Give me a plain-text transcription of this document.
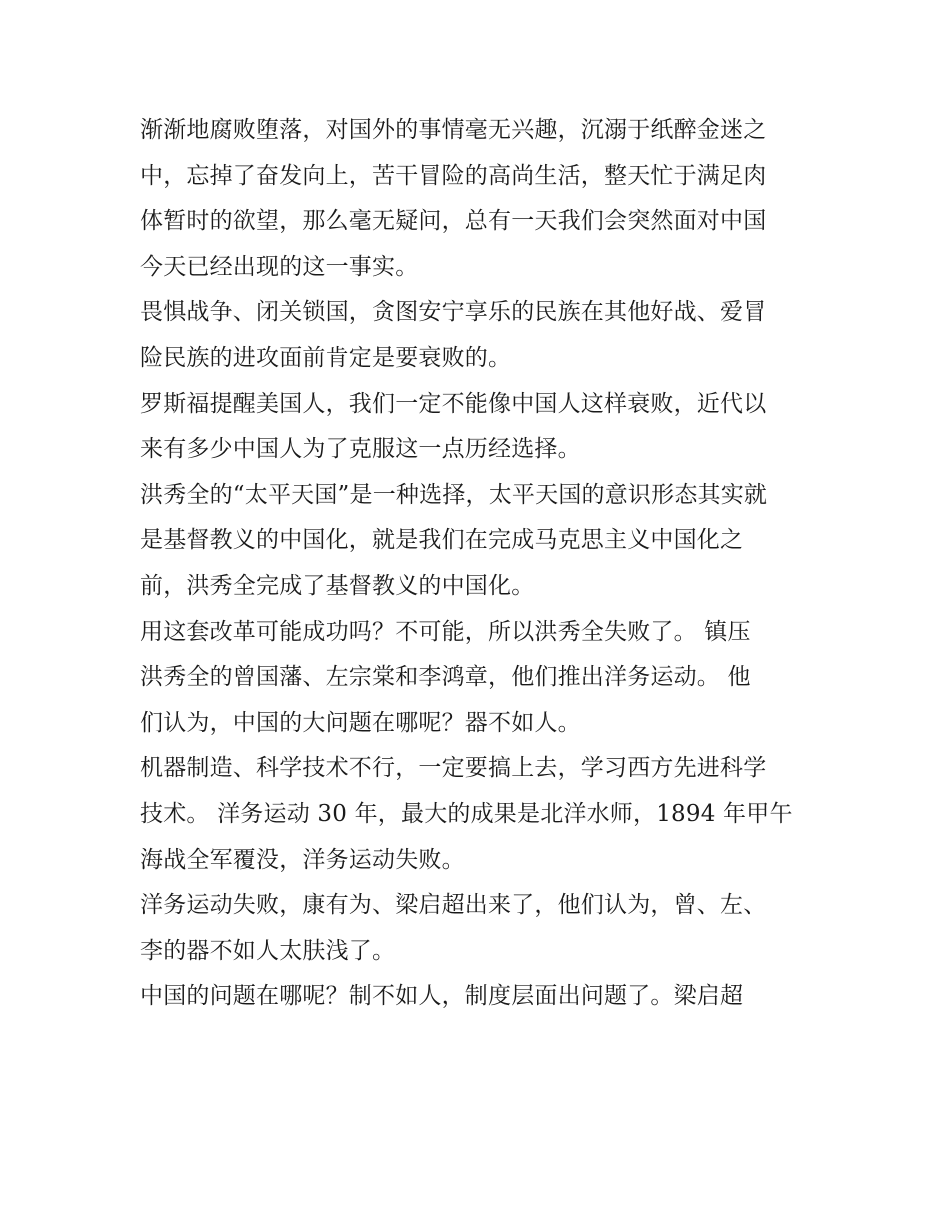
渐渐地腐败堕落，对国外的事情毫无兴趣，沉溺于纸醉金迷之
中，忘掉了奋发向上，苦干冒险的高尚生活，整天忙于满足肉
体暂时的欲望，那么毫无疑问，总有一天我们会突然面对中国
今天已经出现的这一事实。
畏惧战争、闭关锁国，贪图安宁享乐的民族在其他好战、爱冒
险民族的进攻面前肯定是要衰败的。
罗斯福提醒美国人，我们一定不能像中国人这样衰败，近代以
来有多少中国人为了克服这一点历经选择。
洪秀全的“太平天国”是一种选择，太平天国的意识形态其实就
是基督教义的中国化，就是我们在完成马克思主义中国化之
前，洪秀全完成了基督教义的中国化。
用这套改革可能成功吗？不可能，所以洪秀全失败了。 镇压
洪秀全的曾国藩、左宗棠和李鸿章，他们推出洋务运动。 他
们认为，中国的大问题在哪呢？器不如人。
机器制造、科学技术不行，一定要搞上去，学习西方先进科学
技术。 洋务运动 30 年，最大的成果是北洋水师，1894 年甲午
海战全军覆没，洋务运动失败。
洋务运动失败，康有为、梁启超出来了，他们认为，曾、左、
李的器不如人太肤浅了。
中国的问题在哪呢？制不如人，制度层面出问题了。梁启超
